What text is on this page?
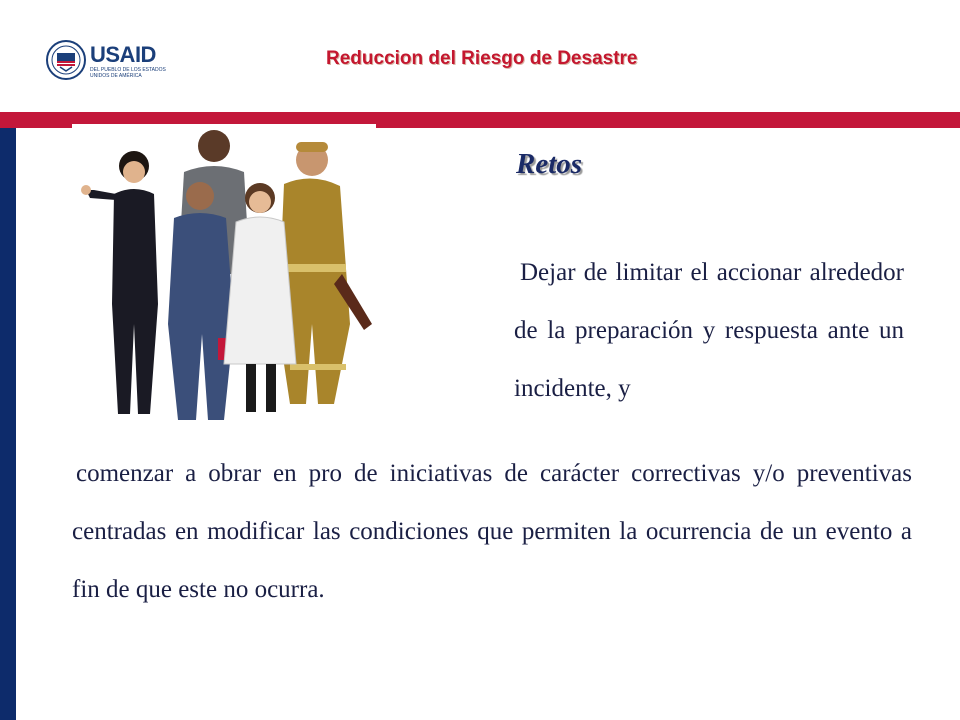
USAID
DEL PUEBLO DE LOS ESTADOS UNIDOS DE AMÉRICA
Reduccion del Riesgo de Desastre
Retos

Dejar de limitar el accionar alrededor de la preparación y respuesta ante un incidente, y

comenzar a obrar en pro de iniciativas de carácter correctivas y/o preventivas centradas en modificar las condiciones que permiten la ocurrencia de un evento a fin de que este no ocurra.
